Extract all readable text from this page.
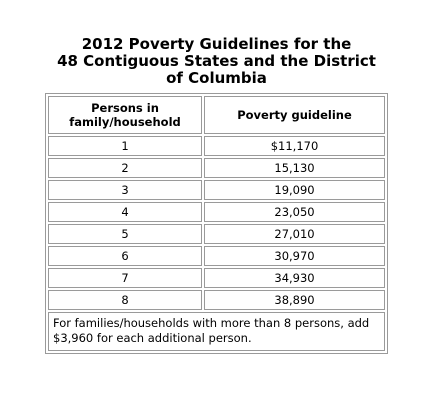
2012 Poverty Guidelines for the
48 Contiguous States and the District
of Columbia
Persons in
family/household	Poverty guideline
1	$11,170
2	15,130
3	19,090
4	23,050
5	27,010
6	30,970
7	34,930
8	38,890
For families/households with more than 8 persons, add $3,960 for each additional person.	
